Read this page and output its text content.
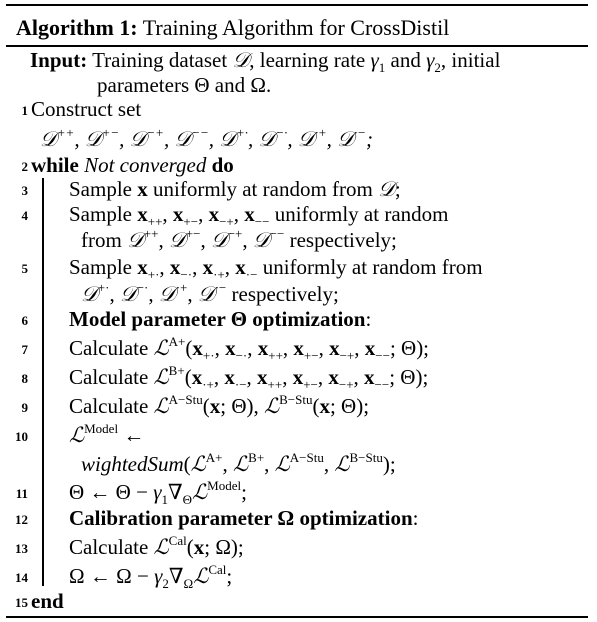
Algorithm 1: Training Algorithm for CrossDistil
Input: Training dataset 𝒟, learning rate $\gamma_1$ and $\gamma_2$, initial
parameters Θ and Ω.
1 Construct set
𝒟++, 𝒟+−, 𝒟−+, 𝒟−−, 𝒟+·, 𝒟−·, 𝒟·+, 𝒟·−;
2 while Not converged do
3 Sample x uniformly at random from 𝒟;
4 Sample $x_{++}$, $x_{+-}$, $x_{-+}$, $x_{--}$ uniformly at random
from 𝒟++, 𝒟+−, 𝒟−+, 𝒟−− respectively;
5 Sample $x_{+\cdot}$, $x_{-\cdot}$, $x_{\cdot+}$, $x_{\cdot-}$ uniformly at random from
𝒟+·, 𝒟−·, 𝒟·+, 𝒟·− respectively;
6 Model parameter Θ optimization:
7 Calculate $ℒ^{A+}(x_{+\cdot}$, $x_{-\cdot}$, $x_{++}$, $x_{+-}$, $x_{-+}$, $x_{--}$; Θ);
8 Calculate $ℒ^{B+}(x_{\cdot+}$, $x_{\cdot-}$, $x_{++}$, $x_{+-}$, $x_{-+}$, $x_{--}$; Θ);
9 Calculate ℒ$^{A-Stu}$(x; Θ), ℒ$^{B-Stu}$(x; Θ);
10 ℒ$^{Model}$ ←
wightedSum(ℒ$^{A+}$, ℒ$^{B+}$, ℒ$^{A-Stu}$, ℒ$^{B-Stu}$);
11 Θ ← $\Theta - \gamma_1\nabla_\Theta ℒ^{Model}$;
12 Calibration parameter Ω optimization:
13 Calculate ℒ$^{Cal}$(x; Ω);
14 Ω ← $\Omega - \gamma_2\nabla_\Omega ℒ^{Cal}$;
15 end
